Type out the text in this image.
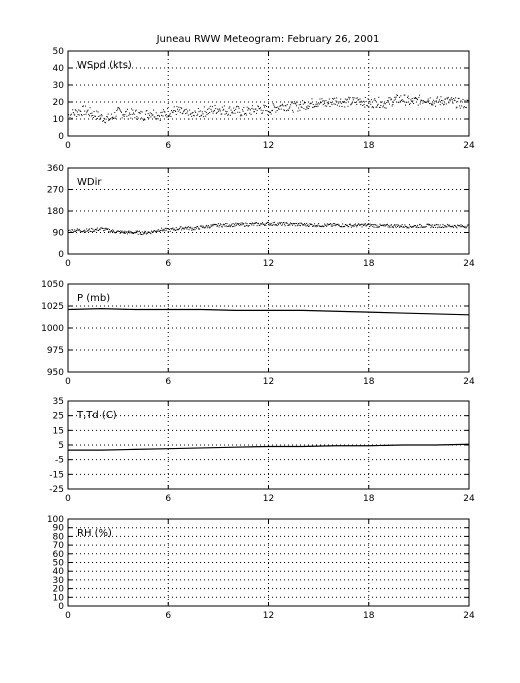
Juneau RWW Meteogram: February 26, 2001
0	6	12	18	24
0
10
20
30
40
50
WSpd (kts)
0	6	12	18	24
0
90
180
270
360
WDir
0	6	12	18	24
950
975
1000
1025
1050
P (mb)
0	6	12	18	24
-25
-15
-5
5
15
25
35
T,Td (C)
0	6	12	18	24
0
10
20
30
40
50
60
70
80
90
100
RH (%)
